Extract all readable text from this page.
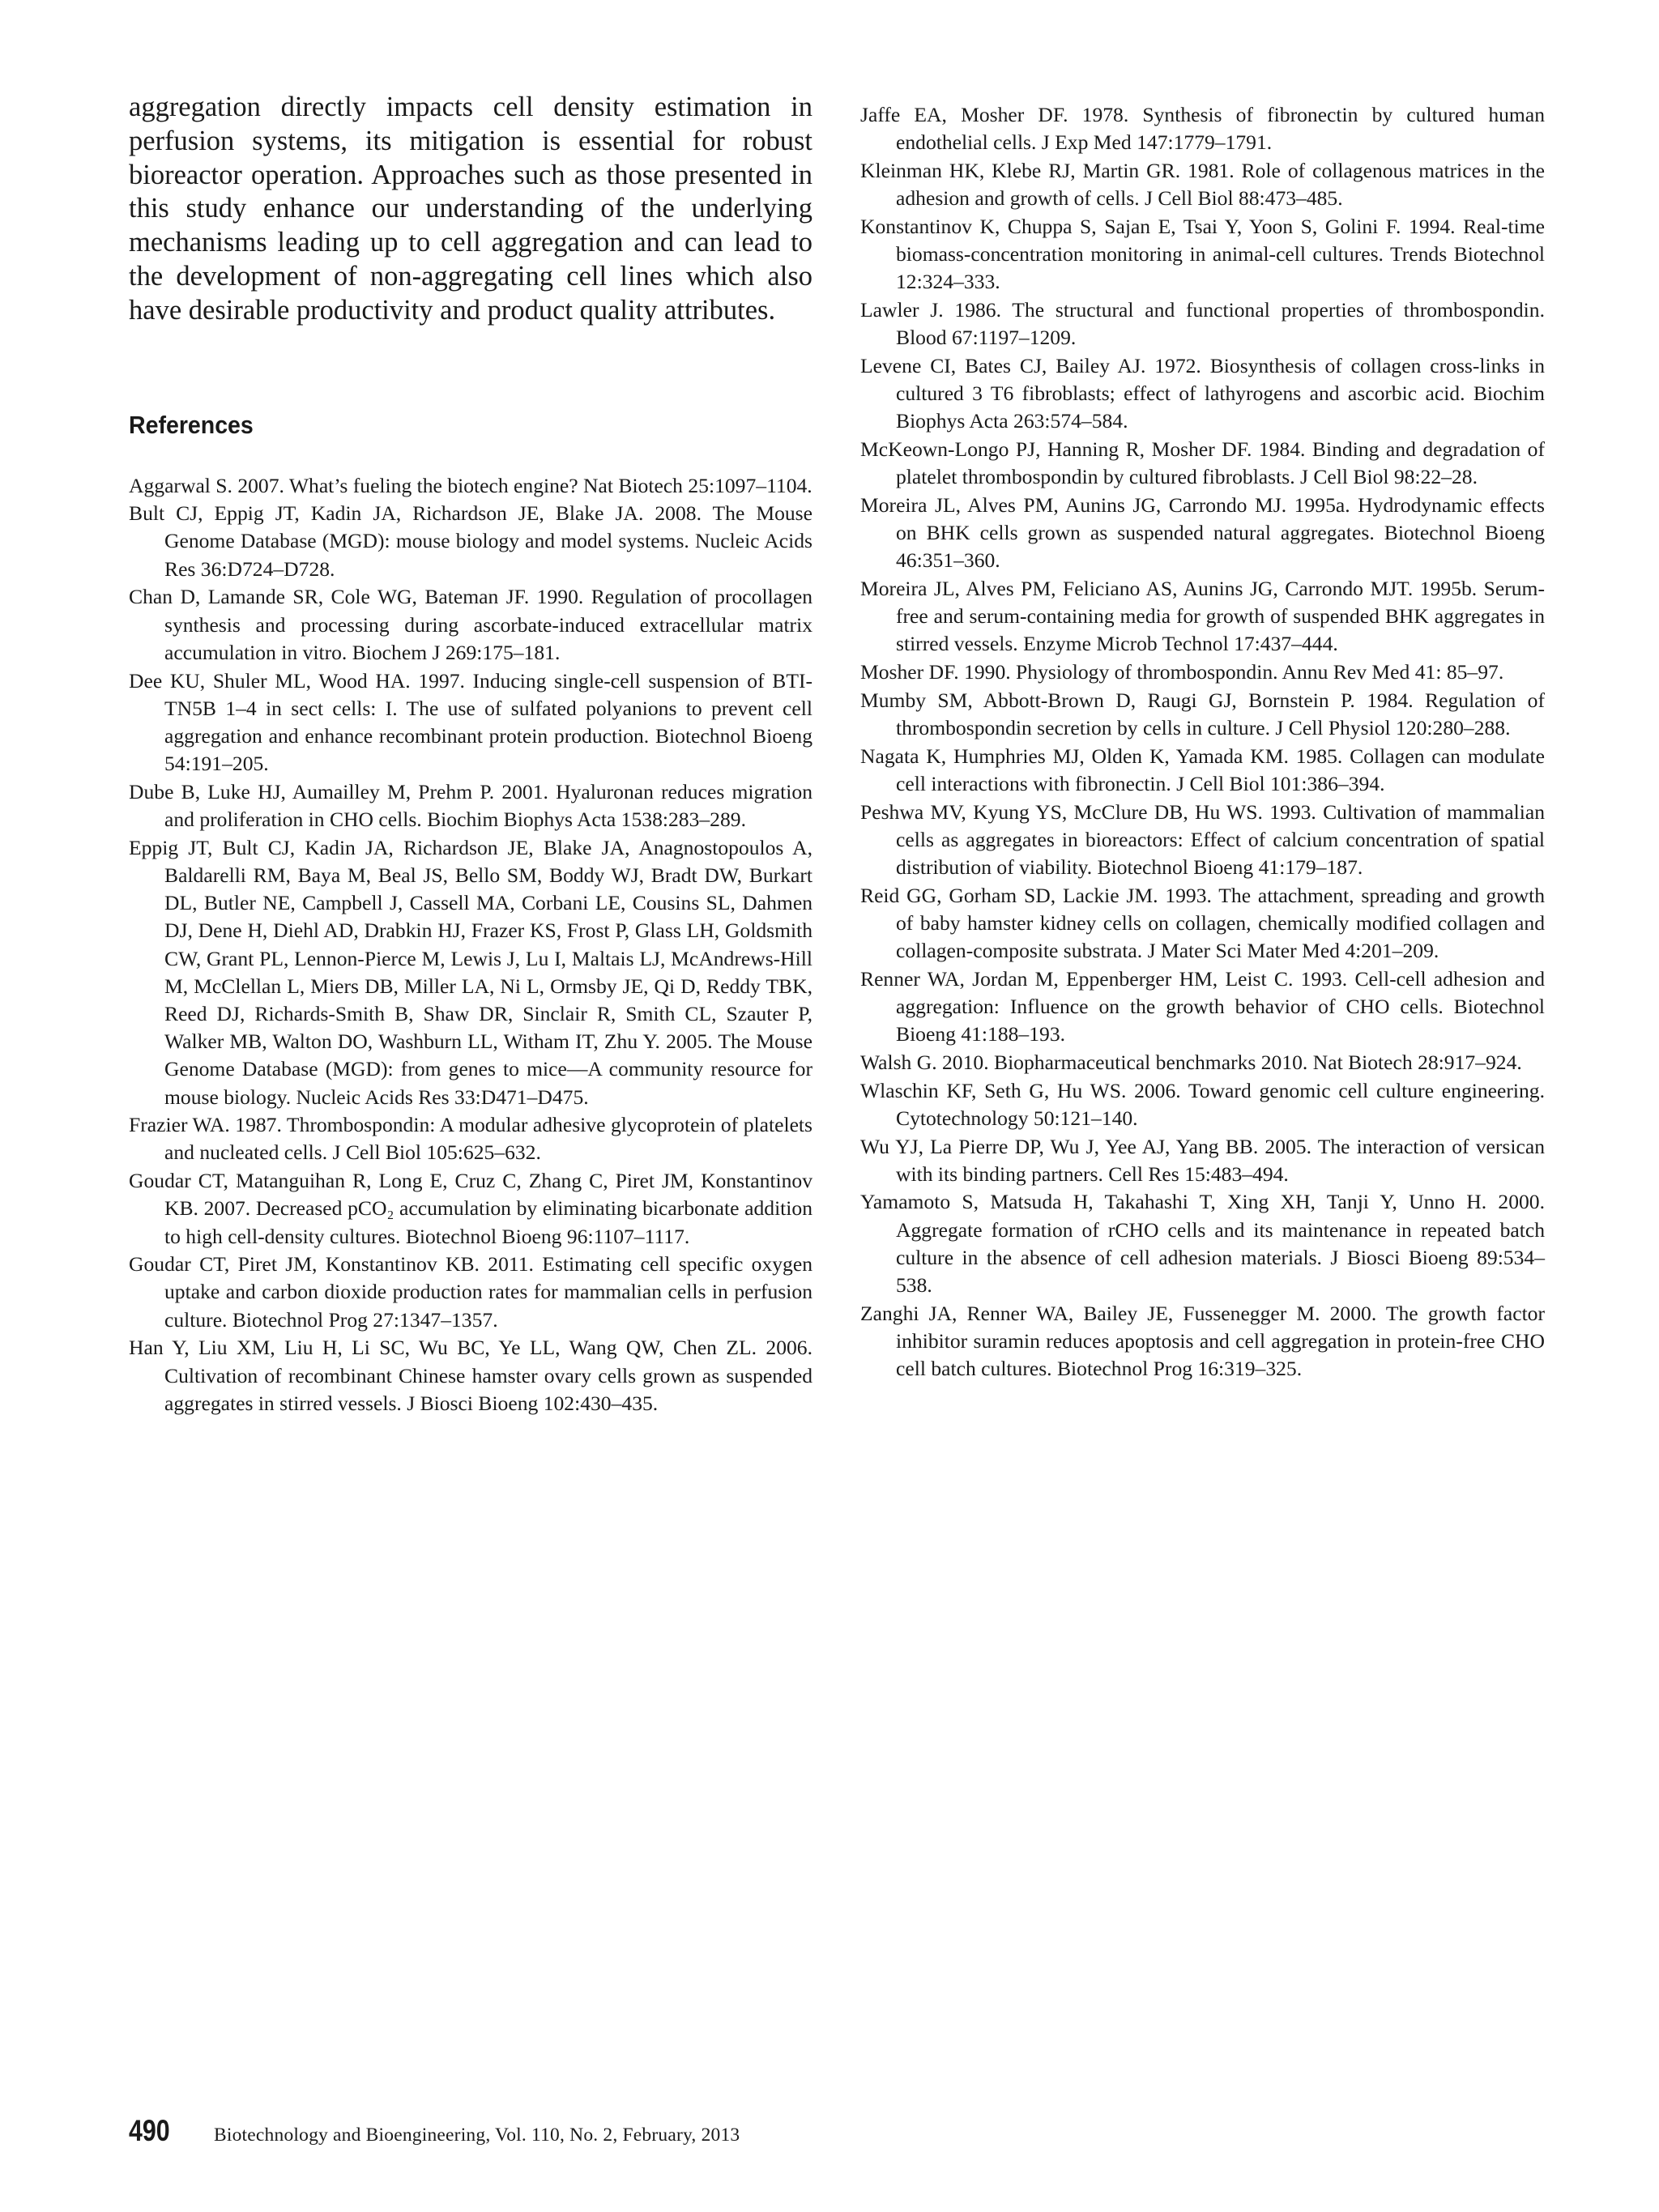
aggregation directly impacts cell density estimation in perfusion systems, its mitigation is essential for robust bioreactor operation. Approaches such as those presented in this study enhance our understanding of the underlying mechanisms leading up to cell aggregation and can lead to the development of non-aggregating cell lines which also have desirable productivity and product quality attributes.

References

Aggarwal S. 2007. What’s fueling the biotech engine? Nat Biotech 25:1097–1104.

Bult CJ, Eppig JT, Kadin JA, Richardson JE, Blake JA. 2008. The Mouse Genome Database (MGD): mouse biology and model systems. Nucleic Acids Res 36:D724–D728.

Chan D, Lamande SR, Cole WG, Bateman JF. 1990. Regulation of procollagen synthesis and processing during ascorbate-induced extracellular matrix accumulation in vitro. Biochem J 269:175–181.

Dee KU, Shuler ML, Wood HA. 1997. Inducing single-cell suspension of BTI-TN5B 1–4 in sect cells: I. The use of sulfated polyanions to prevent cell aggregation and enhance recombinant protein production. Biotechnol Bioeng 54:191–205.

Dube B, Luke HJ, Aumailley M, Prehm P. 2001. Hyaluronan reduces migration and proliferation in CHO cells. Biochim Biophys Acta 1538:283–289.

Eppig JT, Bult CJ, Kadin JA, Richardson JE, Blake JA, Anagnostopoulos A, Baldarelli RM, Baya M, Beal JS, Bello SM, Boddy WJ, Bradt DW, Burkart DL, Butler NE, Campbell J, Cassell MA, Corbani LE, Cousins SL, Dahmen DJ, Dene H, Diehl AD, Drabkin HJ, Frazer KS, Frost P, Glass LH, Goldsmith CW, Grant PL, Lennon-Pierce M, Lewis J, Lu I, Maltais LJ, McAndrews-Hill M, McClellan L, Miers DB, Miller LA, Ni L, Ormsby JE, Qi D, Reddy TBK, Reed DJ, Richards-Smith B, Shaw DR, Sinclair R, Smith CL, Szauter P, Walker MB, Walton DO, Washburn LL, Witham IT, Zhu Y. 2005. The Mouse Genome Database (MGD): from genes to mice—A community resource for mouse biology. Nucleic Acids Res 33:D471–D475.

Frazier WA. 1987. Thrombospondin: A modular adhesive glycoprotein of platelets and nucleated cells. J Cell Biol 105:625–632.

Goudar CT, Matanguihan R, Long E, Cruz C, Zhang C, Piret JM, Konstantinov KB. 2007. Decreased pCO₂ accumulation by eliminating bicarbonate addition to high cell-density cultures. Biotechnol Bioeng 96:1107–1117.

Goudar CT, Piret JM, Konstantinov KB. 2011. Estimating cell specific oxygen uptake and carbon dioxide production rates for mammalian cells in perfusion culture. Biotechnol Prog 27:1347–1357.

Han Y, Liu XM, Liu H, Li SC, Wu BC, Ye LL, Wang QW, Chen ZL. 2006. Cultivation of recombinant Chinese hamster ovary cells grown as suspended aggregates in stirred vessels. J Biosci Bioeng 102:430–435.

Jaffe EA, Mosher DF. 1978. Synthesis of fibronectin by cultured human endothelial cells. J Exp Med 147:1779–1791.

Kleinman HK, Klebe RJ, Martin GR. 1981. Role of collagenous matrices in the adhesion and growth of cells. J Cell Biol 88:473–485.

Konstantinov K, Chuppa S, Sajan E, Tsai Y, Yoon S, Golini F. 1994. Real-time biomass-concentration monitoring in animal-cell cultures. Trends Biotechnol 12:324–333.

Lawler J. 1986. The structural and functional properties of thrombospondin. Blood 67:1197–1209.

Levene CI, Bates CJ, Bailey AJ. 1972. Biosynthesis of collagen cross-links in cultured 3 T6 fibroblasts; effect of lathyrogens and ascorbic acid. Biochim Biophys Acta 263:574–584.

McKeown-Longo PJ, Hanning R, Mosher DF. 1984. Binding and degradation of platelet thrombospondin by cultured fibroblasts. J Cell Biol 98:22–28.

Moreira JL, Alves PM, Aunins JG, Carrondo MJ. 1995a. Hydrodynamic effects on BHK cells grown as suspended natural aggregates. Biotechnol Bioeng 46:351–360.

Moreira JL, Alves PM, Feliciano AS, Aunins JG, Carrondo MJT. 1995b. Serum-free and serum-containing media for growth of suspended BHK aggregates in stirred vessels. Enzyme Microb Technol 17:437–444.

Mosher DF. 1990. Physiology of thrombospondin. Annu Rev Med 41: 85–97.

Mumby SM, Abbott-Brown D, Raugi GJ, Bornstein P. 1984. Regulation of thrombospondin secretion by cells in culture. J Cell Physiol 120:280–288.

Nagata K, Humphries MJ, Olden K, Yamada KM. 1985. Collagen can modulate cell interactions with fibronectin. J Cell Biol 101:386–394.

Peshwa MV, Kyung YS, McClure DB, Hu WS. 1993. Cultivation of mammalian cells as aggregates in bioreactors: Effect of calcium concentration of spatial distribution of viability. Biotechnol Bioeng 41:179–187.

Reid GG, Gorham SD, Lackie JM. 1993. The attachment, spreading and growth of baby hamster kidney cells on collagen, chemically modified collagen and collagen-composite substrata. J Mater Sci Mater Med 4:201–209.

Renner WA, Jordan M, Eppenberger HM, Leist C. 1993. Cell-cell adhesion and aggregation: Influence on the growth behavior of CHO cells. Biotechnol Bioeng 41:188–193.

Walsh G. 2010. Biopharmaceutical benchmarks 2010. Nat Biotech 28:917–924.

Wlaschin KF, Seth G, Hu WS. 2006. Toward genomic cell culture engineering. Cytotechnology 50:121–140.

Wu YJ, La Pierre DP, Wu J, Yee AJ, Yang BB. 2005. The interaction of versican with its binding partners. Cell Res 15:483–494.

Yamamoto S, Matsuda H, Takahashi T, Xing XH, Tanji Y, Unno H. 2000. Aggregate formation of rCHO cells and its maintenance in repeated batch culture in the absence of cell adhesion materials. J Biosci Bioeng 89:534–538.

Zanghi JA, Renner WA, Bailey JE, Fussenegger M. 2000. The growth factor inhibitor suramin reduces apoptosis and cell aggregation in protein-free CHO cell batch cultures. Biotechnol Prog 16:319–325.

490	Biotechnology and Bioengineering, Vol. 110, No. 2, February, 2013
